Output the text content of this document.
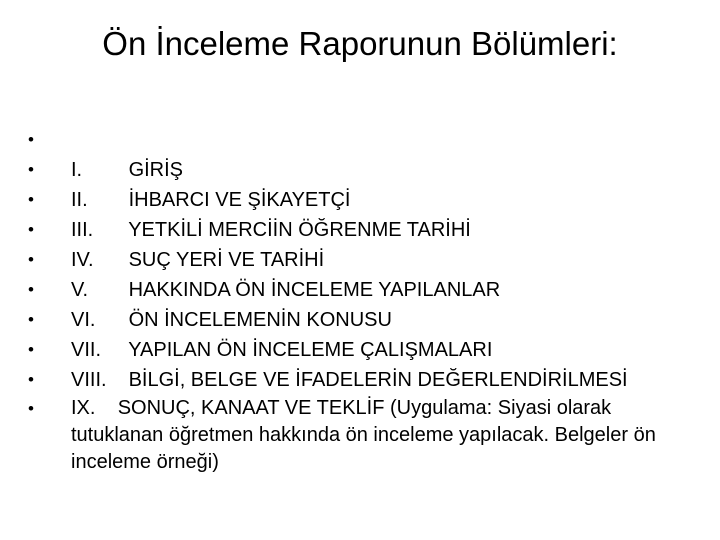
Ön İnceleme Raporunun Bölümleri:
•
•	I. GİRİŞ
•	II. İHBARCI VE ŞİKAYETÇİ
•	III. YETKİLİ MERCİİN ÖĞRENME TARİHİ
•	IV. SUÇ YERİ VE TARİHİ
•	V. HAKKINDA ÖN İNCELEME YAPILANLAR
•	VI. ÖN İNCELEMENİN KONUSU
•	VII. YAPILAN ÖN İNCELEME ÇALIŞMALARI
•	VIII. BİLGİ, BELGE VE İFADELERİN DEĞERLENDİRİLMESİ
•	IX. SONUÇ, KANAAT VE TEKLİF (Uygulama: Siyasi olarak tutuklanan öğretmen hakkında ön inceleme yapılacak. Belgeler ön inceleme örneği)
